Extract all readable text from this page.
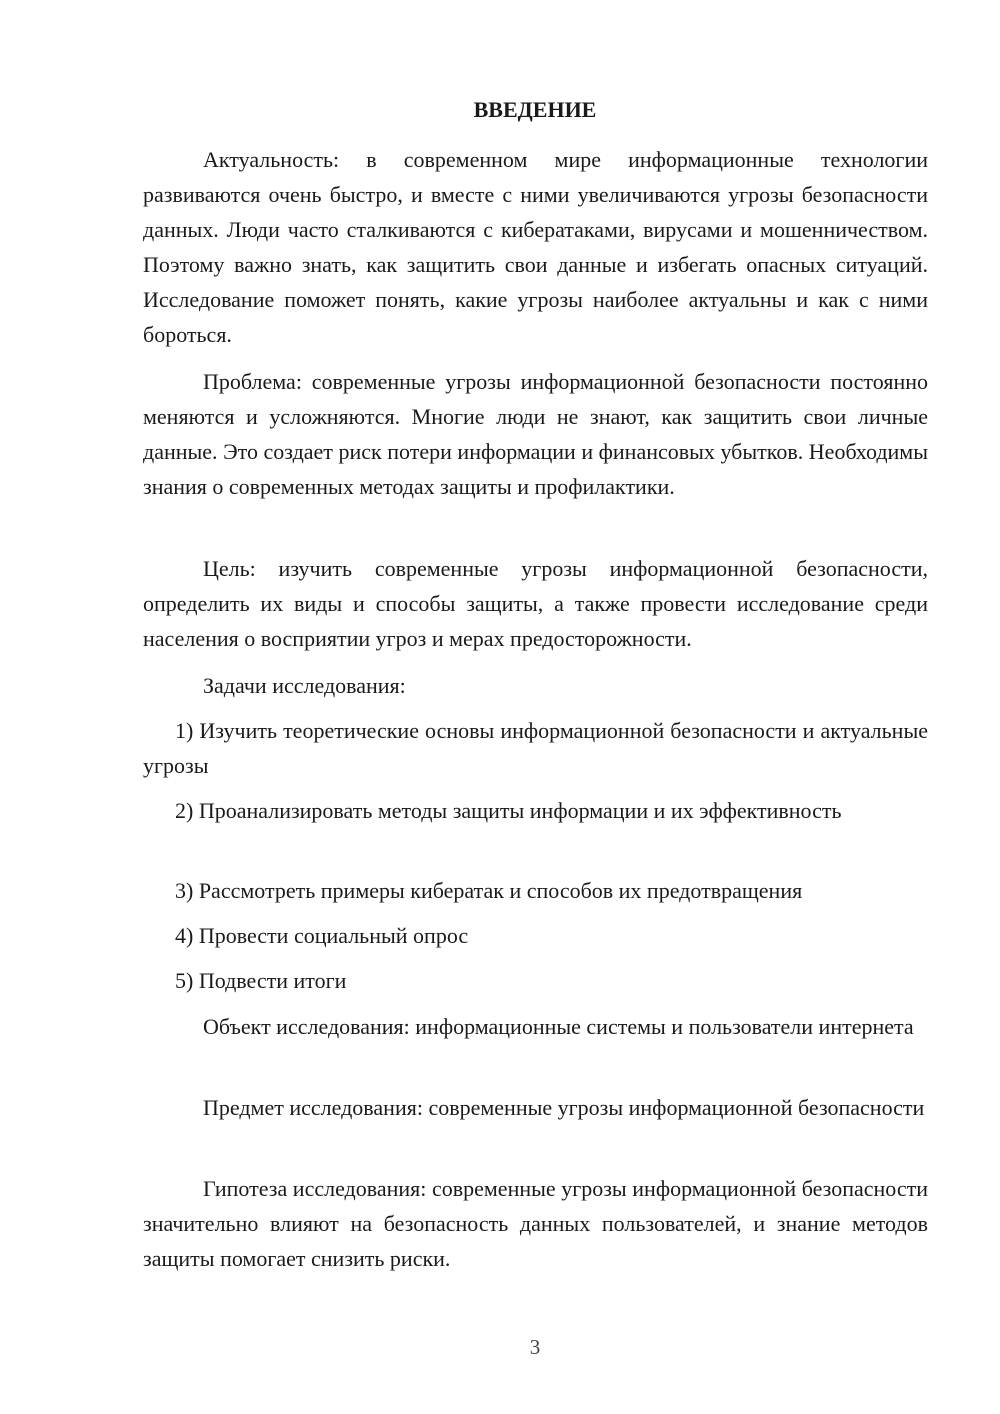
ВВЕДЕНИЕ

Актуальность: в современном мире информационные технологии развиваются очень быстро, и вместе с ними увеличиваются угрозы безопасности данных. Люди часто сталкиваются с кибератаками, вирусами и мошенничеством. Поэтому важно знать, как защитить свои данные и избегать опасных ситуаций. Исследование поможет понять, какие угрозы наиболее актуальны и как с ними бороться.

Проблема: современные угрозы информационной безопасности постоянно меняются и усложняются. Многие люди не знают, как защитить свои личные данные. Это создает риск потери информации и финансовых убытков. Необходимы знания о современных методах защиты и профилактики.

Цель: изучить современные угрозы информационной безопасности, определить их виды и способы защиты, а также провести исследование среди населения о восприятии угроз и мерах предосторожности.

Задачи исследования:

1) Изучить теоретические основы информационной безопасности и актуальные угрозы

2) Проанализировать методы защиты информации и их эффективность

3) Рассмотреть примеры кибератак и способов их предотвращения

4) Провести социальный опрос

5) Подвести итоги

Объект исследования: информационные системы и пользователи интернета

Предмет исследования: современные угрозы информационной безопасности

Гипотеза исследования: современные угрозы информационной безопасности значительно влияют на безопасность данных пользователей, и знание методов защиты помогает снизить риски.

3
